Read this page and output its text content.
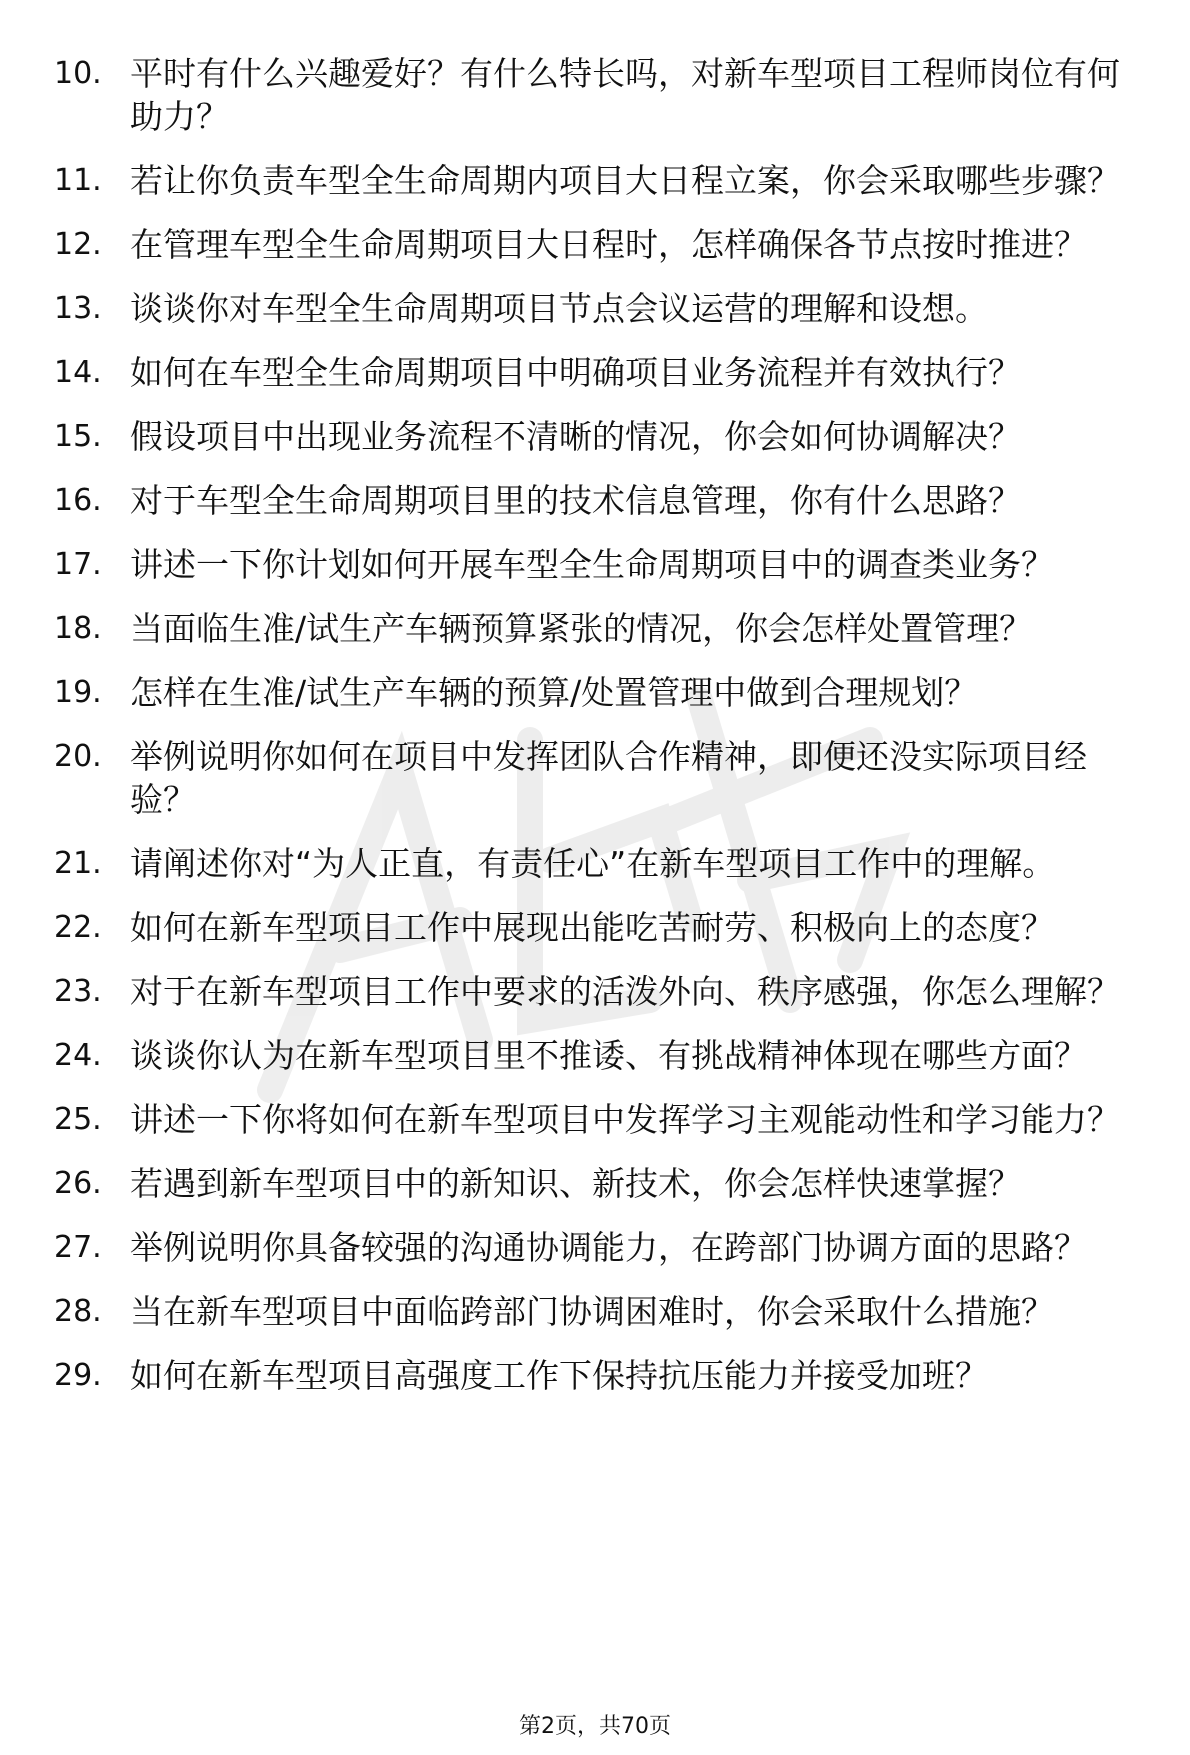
10. 平时有什么兴趣爱好？有什么特长吗，对新车型项目工程师岗位有何助力？
11. 若让你负责车型全生命周期内项目大日程立案，你会采取哪些步骤？
12. 在管理车型全生命周期项目大日程时，怎样确保各节点按时推进？
13. 谈谈你对车型全生命周期项目节点会议运营的理解和设想。
14. 如何在车型全生命周期项目中明确项目业务流程并有效执行？
15. 假设项目中出现业务流程不清晰的情况，你会如何协调解决？
16. 对于车型全生命周期项目里的技术信息管理，你有什么思路？
17. 讲述一下你计划如何开展车型全生命周期项目中的调查类业务？
18. 当面临生准/试生产车辆预算紧张的情况，你会怎样处置管理？
19. 怎样在生准/试生产车辆的预算/处置管理中做到合理规划？
20. 举例说明你如何在项目中发挥团队合作精神，即便还没实际项目经验？
21. 请阐述你对“为人正直，有责任心”在新车型项目工作中的理解。
22. 如何在新车型项目工作中展现出能吃苦耐劳、积极向上的态度？
23. 对于在新车型项目工作中要求的活泼外向、秩序感强，你怎么理解？
24. 谈谈你认为在新车型项目里不推诿、有挑战精神体现在哪些方面？
25. 讲述一下你将如何在新车型项目中发挥学习主观能动性和学习能力？
26. 若遇到新车型项目中的新知识、新技术，你会怎样快速掌握？
27. 举例说明你具备较强的沟通协调能力，在跨部门协调方面的思路？
28. 当在新车型项目中面临跨部门协调困难时，你会采取什么措施？
29. 如何在新车型项目高强度工作下保持抗压能力并接受加班？
第2页，共70页
